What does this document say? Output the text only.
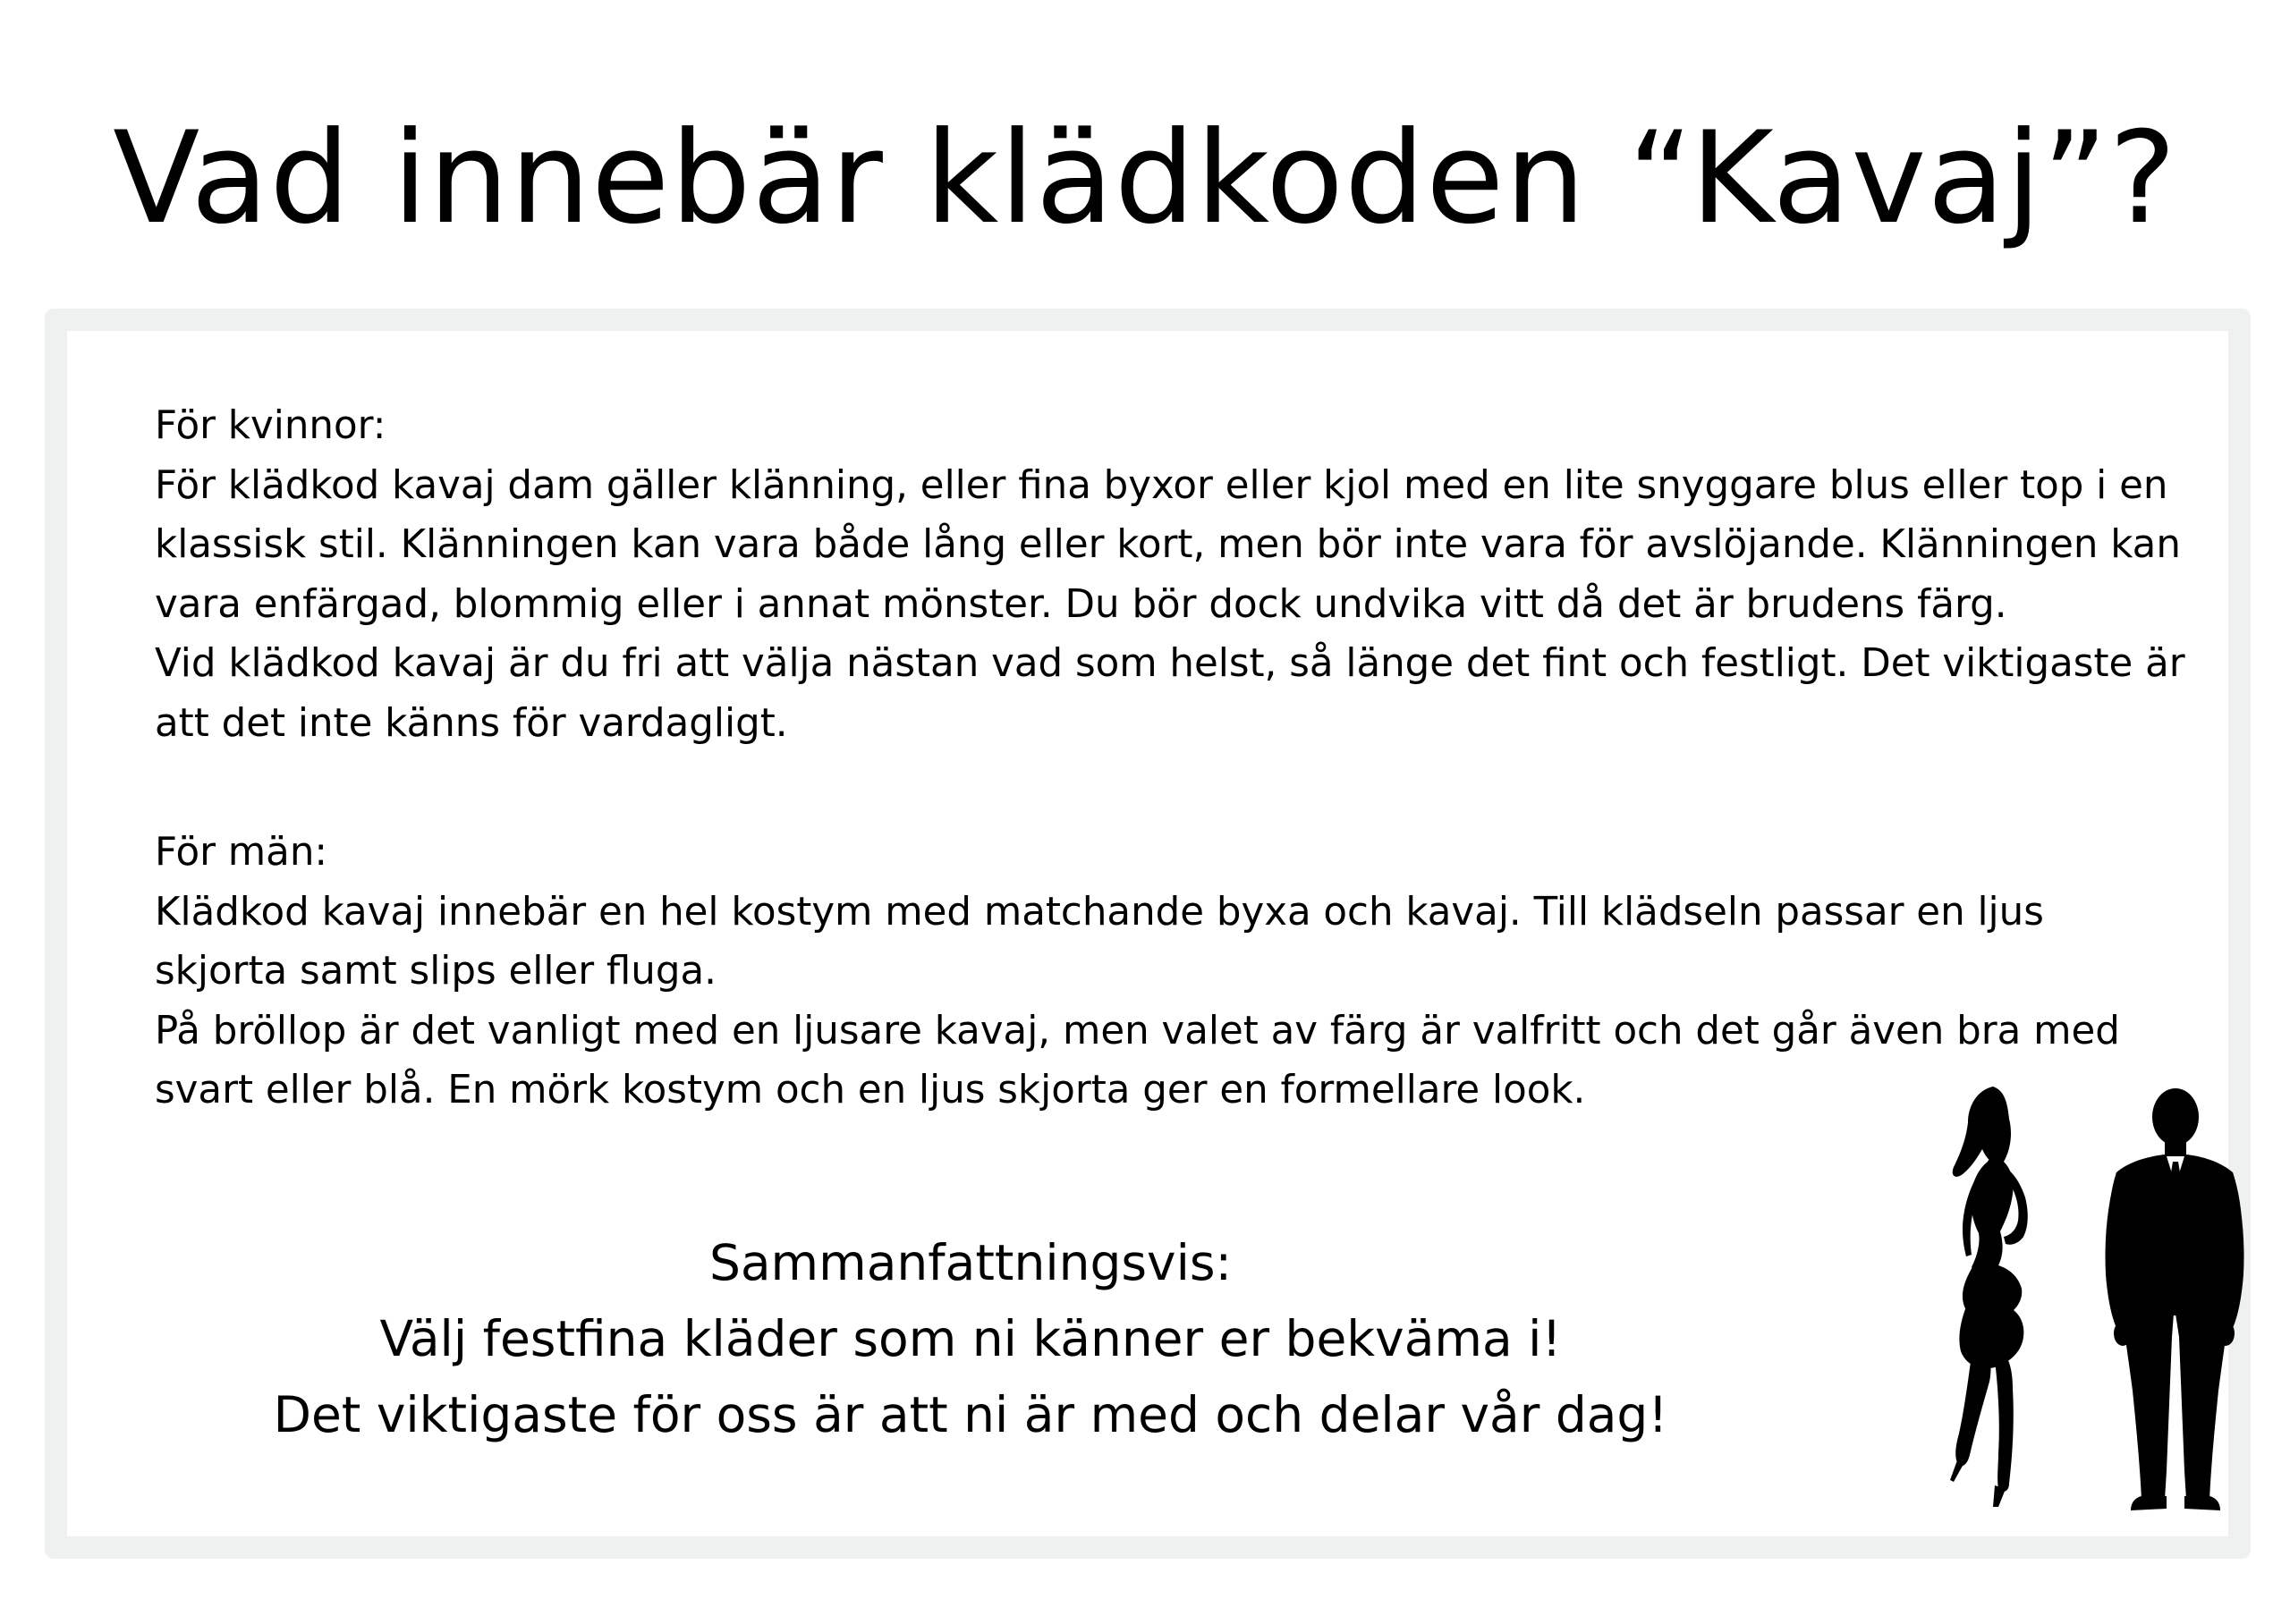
Vad innebär klädkoden “Kavaj”?

För kvinnor:

För klädkod kavaj dam gäller klänning, eller fina byxor eller kjol med en lite snyggare blus eller top i en

klassisk stil. Klänningen kan vara både lång eller kort, men bör inte vara för avslöjande. Klänningen kan

vara enfärgad, blommig eller i annat mönster. Du bör dock undvika vitt då det är brudens färg.

Vid klädkod kavaj är du fri att välja nästan vad som helst, så länge det fint och festligt. Det viktigaste är

att det inte känns för vardagligt.

För män:

Klädkod kavaj innebär en hel kostym med matchande byxa och kavaj. Till klädseln passar en ljus

skjorta samt slips eller fluga.

På bröllop är det vanligt med en ljusare kavaj, men valet av färg är valfritt och det går även bra med

svart eller blå. En mörk kostym och en ljus skjorta ger en formellare look.

Sammanfattningsvis:

Välj festfina kläder som ni känner er bekväma i!

Det viktigaste för oss är att ni är med och delar vår dag!
